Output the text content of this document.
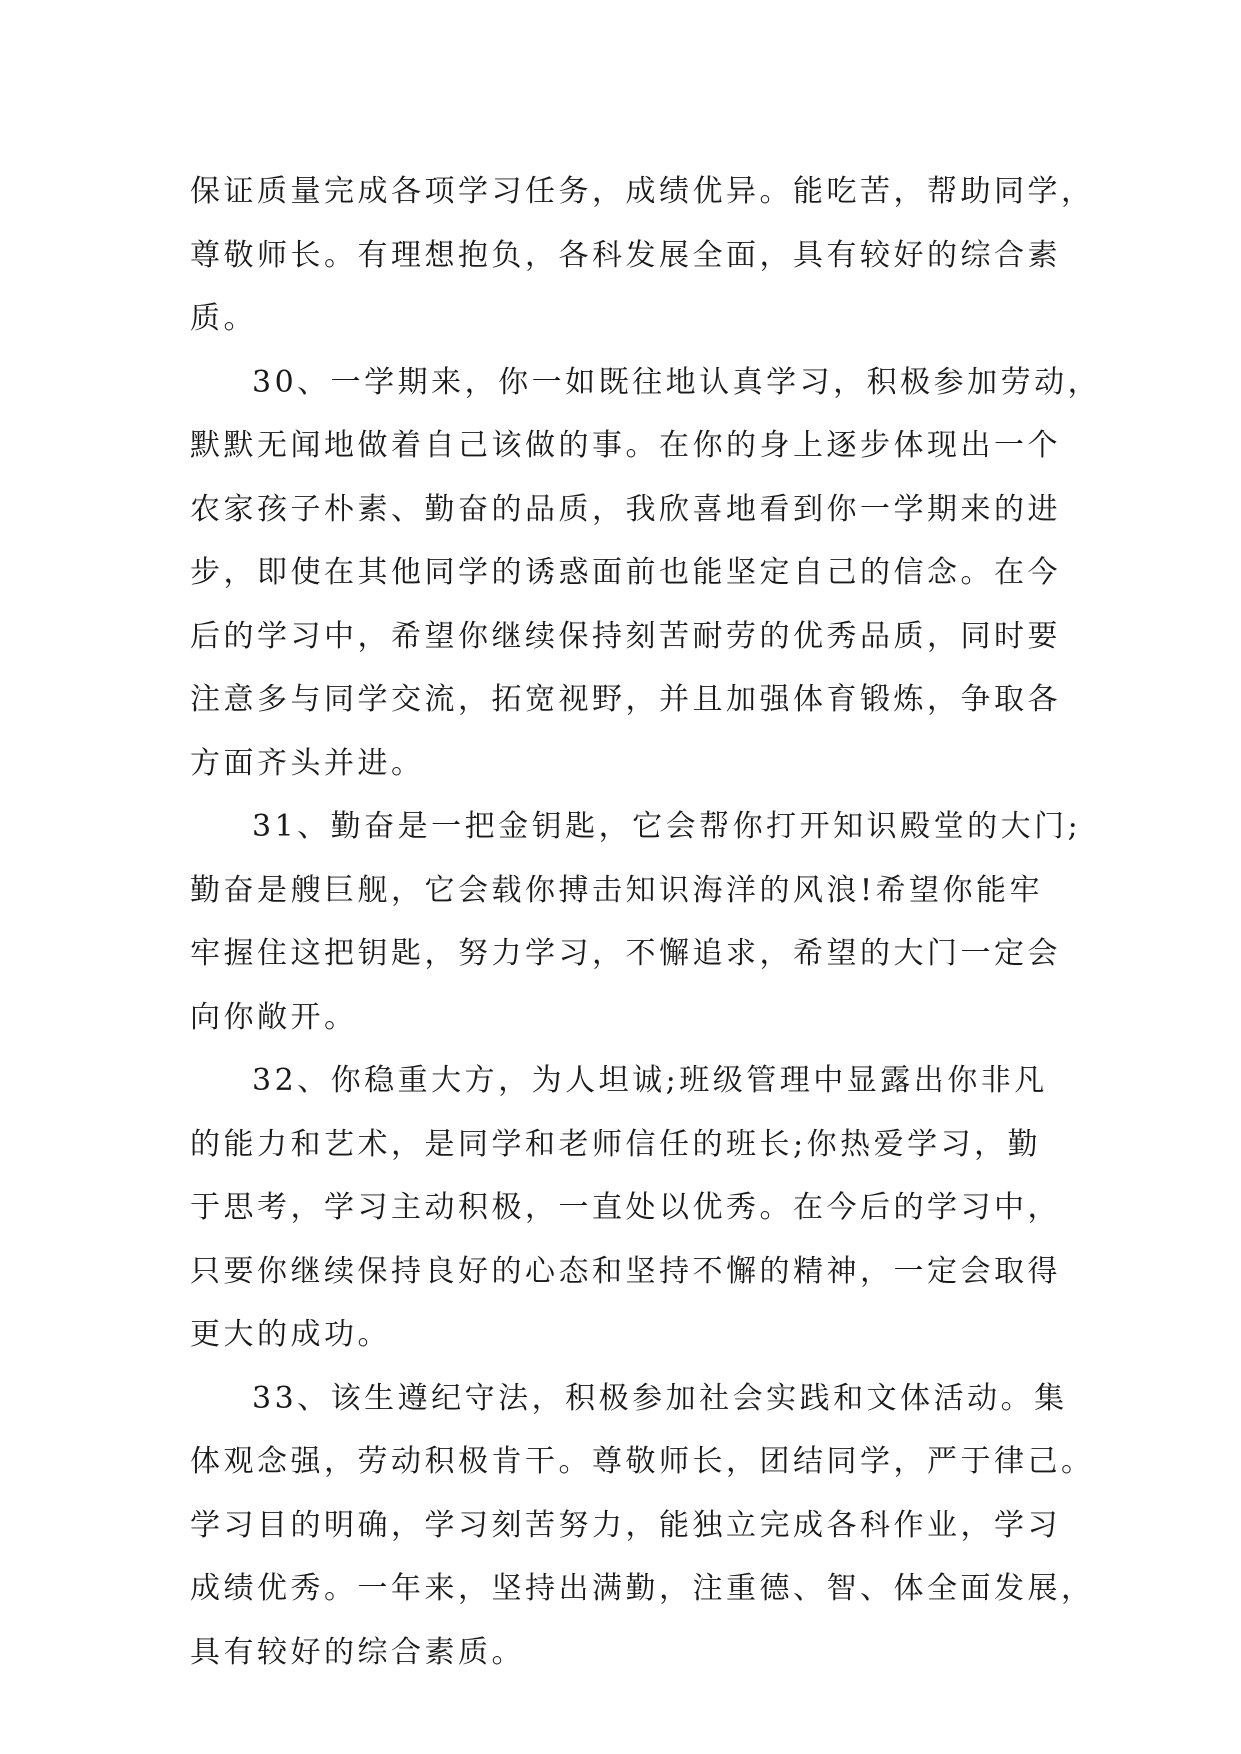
保证质量完成各项学习任务，成绩优异。能吃苦，帮助同学，
尊敬师长。有理想抱负，各科发展全面，具有较好的综合素
质。

30、一学期来，你一如既往地认真学习，积极参加劳动，
默默无闻地做着自己该做的事。在你的身上逐步体现出一个
农家孩子朴素、勤奋的品质，我欣喜地看到你一学期来的进
步，即使在其他同学的诱惑面前也能坚定自己的信念。在今
后的学习中，希望你继续保持刻苦耐劳的优秀品质，同时要
注意多与同学交流，拓宽视野，并且加强体育锻炼，争取各
方面齐头并进。

31、勤奋是一把金钥匙，它会帮你打开知识殿堂的大门;
勤奋是艘巨舰，它会载你搏击知识海洋的风浪!希望你能牢
牢握住这把钥匙，努力学习，不懈追求，希望的大门一定会
向你敞开。

32、你稳重大方，为人坦诚;班级管理中显露出你非凡
的能力和艺术，是同学和老师信任的班长;你热爱学习，勤
于思考，学习主动积极，一直处以优秀。在今后的学习中，
只要你继续保持良好的心态和坚持不懈的精神，一定会取得
更大的成功。

33、该生遵纪守法，积极参加社会实践和文体活动。集
体观念强，劳动积极肯干。尊敬师长，团结同学，严于律己。
学习目的明确，学习刻苦努力，能独立完成各科作业，学习
成绩优秀。一年来，坚持出满勤，注重德、智、体全面发展，
具有较好的综合素质。
